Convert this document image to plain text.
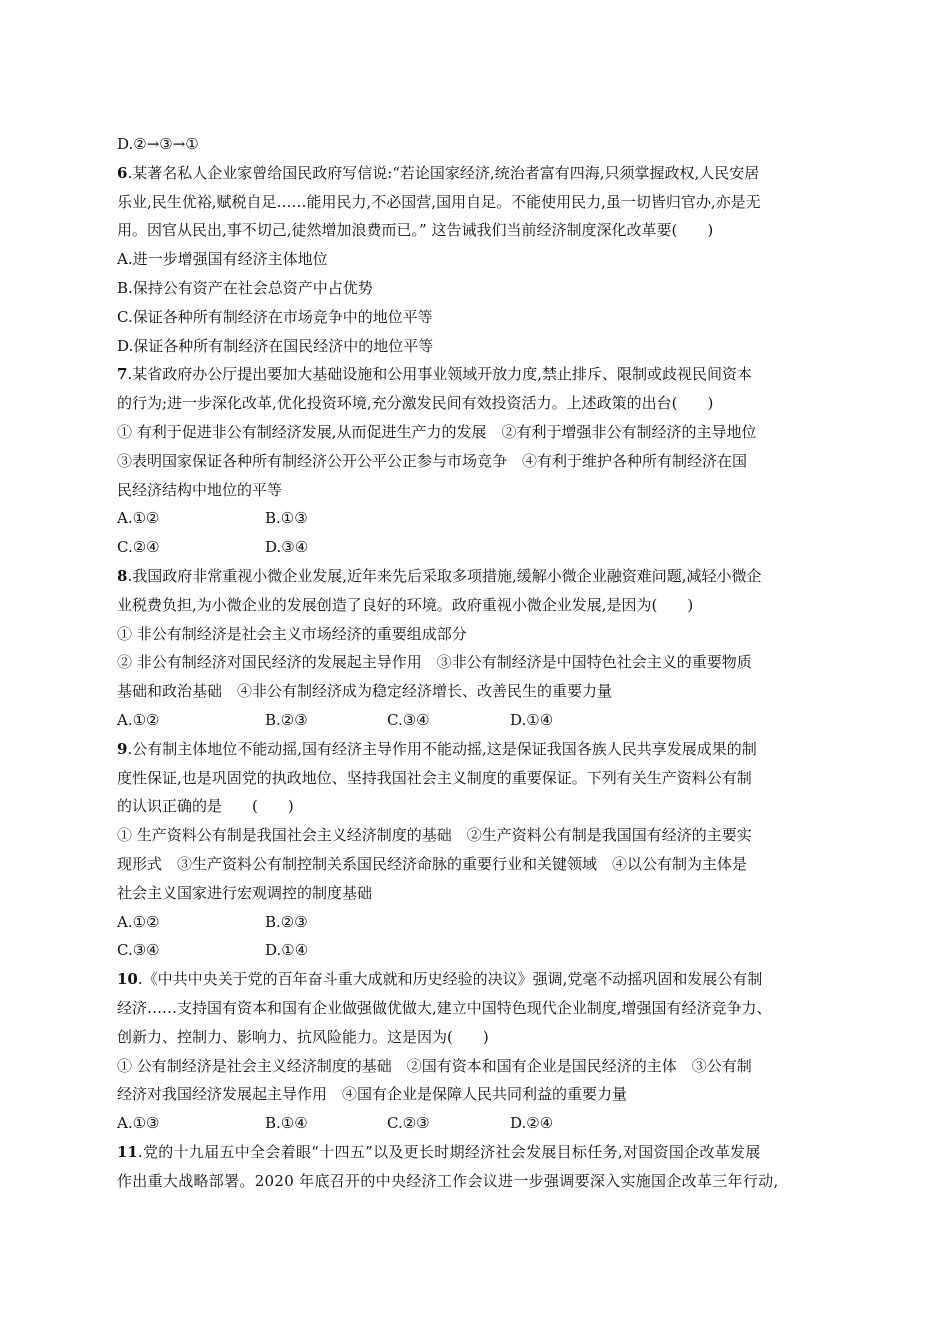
D.②→③→①
6.某著名私人企业家曾给国民政府写信说:“若论国家经济,统治者富有四海,只须掌握政权,人民安居
乐业,民生优裕,赋税自足……能用民力,不必国营,国用自足。不能使用民力,虽一切皆归官办,亦是无
用。因官从民出,事不切己,徒然增加浪费而已。” 这告诫我们当前经济制度深化改革要(　　)
A.进一步增强国有经济主体地位
B.保持公有资产在社会总资产中占优势
C.保证各种所有制经济在市场竞争中的地位平等
D.保证各种所有制经济在国民经济中的地位平等
7.某省政府办公厅提出要加大基础设施和公用事业领域开放力度,禁止排斥、限制或歧视民间资本
的行为;进一步深化改革,优化投资环境,充分激发民间有效投资活力。上述政策的出台(　　)
① 有利于促进非公有制经济发展,从而促进生产力的发展　②有利于增强非公有制经济的主导地位
③表明国家保证各种所有制经济公开公平公正参与市场竞争　④有利于维护各种所有制经济在国
民经济结构中地位的平等
A.①②	B.①③
C.②④	D.③④
8.我国政府非常重视小微企业发展,近年来先后采取多项措施,缓解小微企业融资难问题,减轻小微企
业税费负担,为小微企业的发展创造了良好的环境。政府重视小微企业发展,是因为(　　)
① 非公有制经济是社会主义市场经济的重要组成部分
② 非公有制经济对国民经济的发展起主导作用　③非公有制经济是中国特色社会主义的重要物质
基础和政治基础　④非公有制经济成为稳定经济增长、改善民生的重要力量
A.①②	B.②③	C.③④	D.①④
9.公有制主体地位不能动摇,国有经济主导作用不能动摇,这是保证我国各族人民共享发展成果的制
度性保证,也是巩固党的执政地位、坚持我国社会主义制度的重要保证。下列有关生产资料公有制
的认识正确的是　　(　　)
① 生产资料公有制是我国社会主义经济制度的基础　②生产资料公有制是我国国有经济的主要实
现形式　③生产资料公有制控制关系国民经济命脉的重要行业和关键领域　④以公有制为主体是
社会主义国家进行宏观调控的制度基础
A.①②	B.②③
C.③④	D.①④
10.《中共中央关于党的百年奋斗重大成就和历史经验的决议》强调,党毫不动摇巩固和发展公有制
经济……支持国有资本和国有企业做强做优做大,建立中国特色现代企业制度,增强国有经济竞争力、
创新力、控制力、影响力、抗风险能力。这是因为(　　)
① 公有制经济是社会主义经济制度的基础　②国有资本和国有企业是国民经济的主体　③公有制
经济对我国经济发展起主导作用　④国有企业是保障人民共同利益的重要力量
A.①③	B.①④	C.②③	D.②④
11.党的十九届五中全会着眼“十四五”以及更长时期经济社会发展目标任务,对国资国企改革发展
作出重大战略部署。2020 年底召开的中央经济工作会议进一步强调要深入实施国企改革三年行动,
